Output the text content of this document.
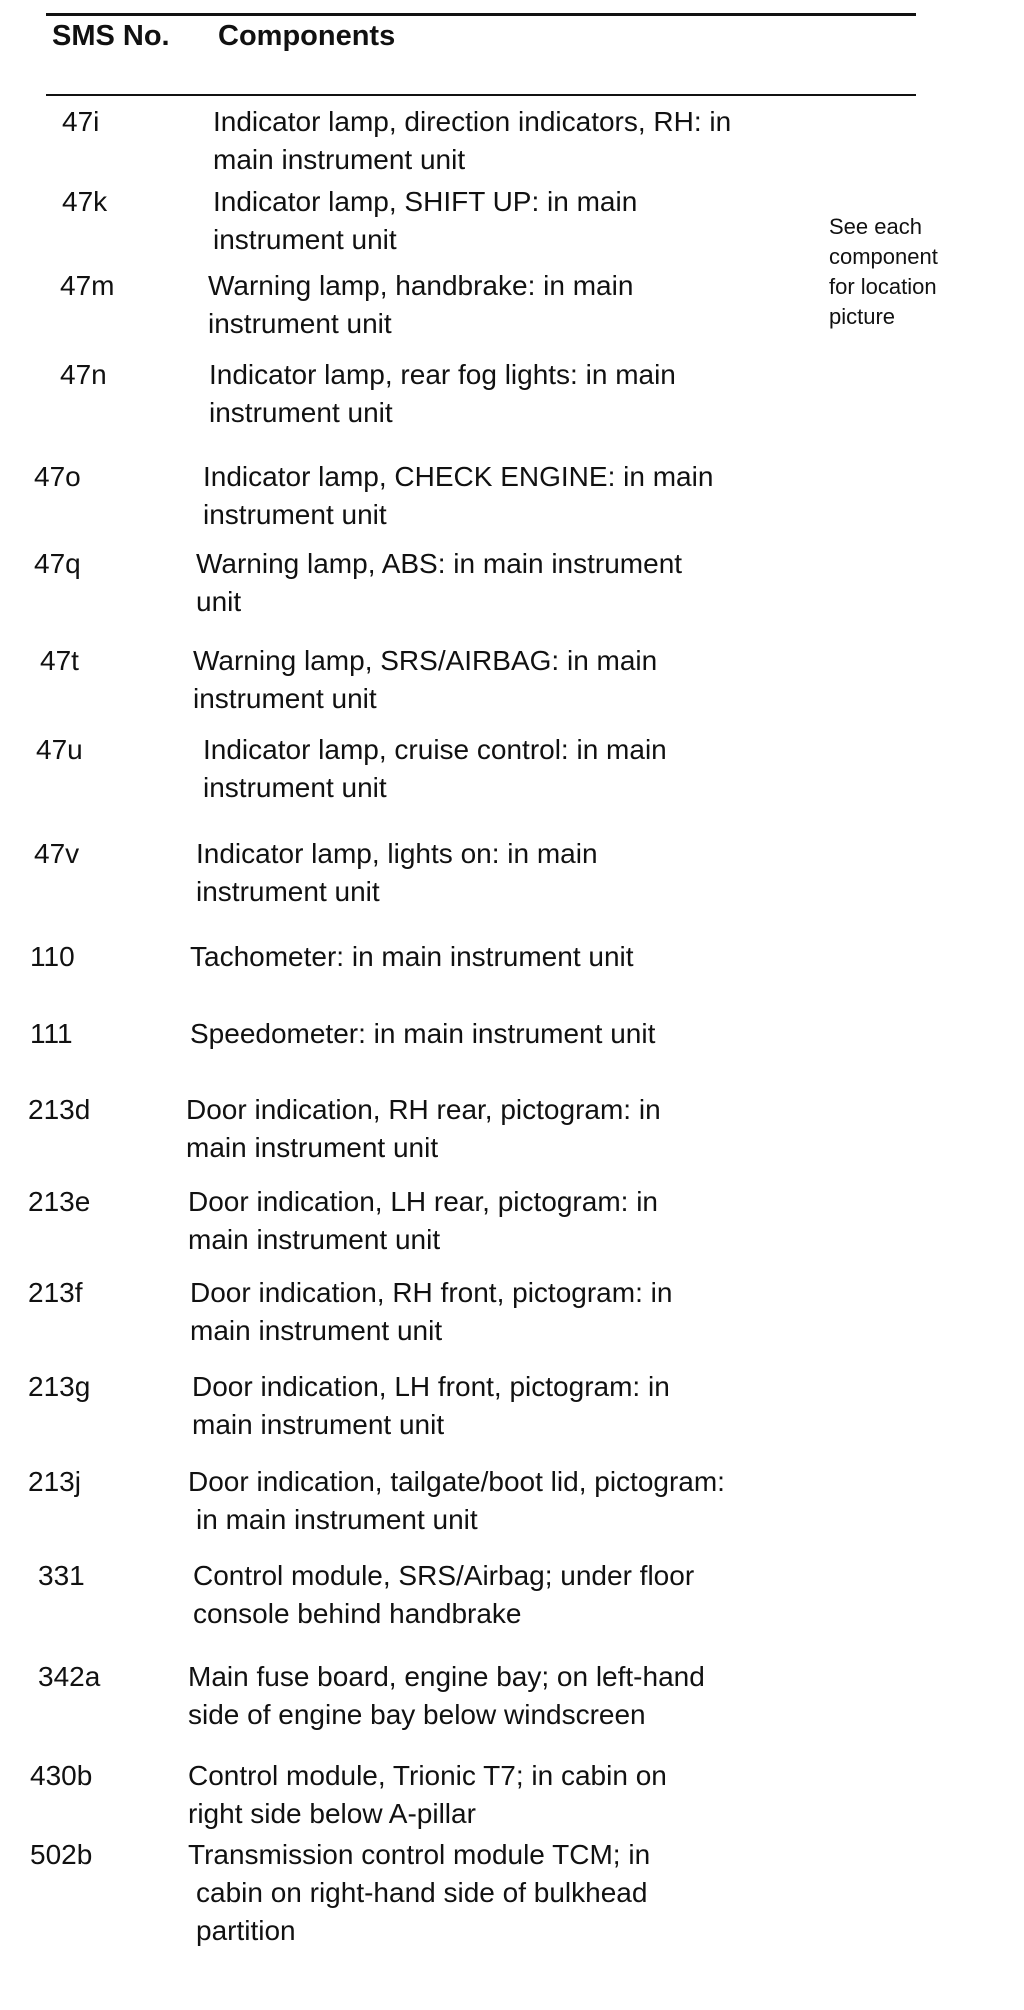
SMS No. Components
See each
component
for location
picture
47i	Indicator lamp, direction indicators, RH: in
main instrument unit
47k	Indicator lamp, SHIFT UP: in main
instrument unit
47m	Warning lamp, handbrake: in main
instrument unit
47n	Indicator lamp, rear fog lights: in main
instrument unit
47o	Indicator lamp, CHECK ENGINE: in main
instrument unit
47q	Warning lamp, ABS: in main instrument
unit
47t	Warning lamp, SRS/AIRBAG: in main
instrument unit
47u	Indicator lamp, cruise control: in main
instrument unit
47v	Indicator lamp, lights on: in main
instrument unit
110	Tachometer: in main instrument unit
111	Speedometer: in main instrument unit
213d	Door indication, RH rear, pictogram: in
main instrument unit
213e	Door indication, LH rear, pictogram: in
main instrument unit
213f	Door indication, RH front, pictogram: in
main instrument unit
213g	Door indication, LH front, pictogram: in
main instrument unit
213j	Door indication, tailgate/boot lid, pictogram:
in main instrument unit
331	Control module, SRS/Airbag; under floor
console behind handbrake
342a	Main fuse board, engine bay; on left-hand
side of engine bay below windscreen
430b	Control module, Trionic T7; in cabin on
right side below A-pillar
502b	Transmission control module TCM; in
cabin on right-hand side of bulkhead
partition
